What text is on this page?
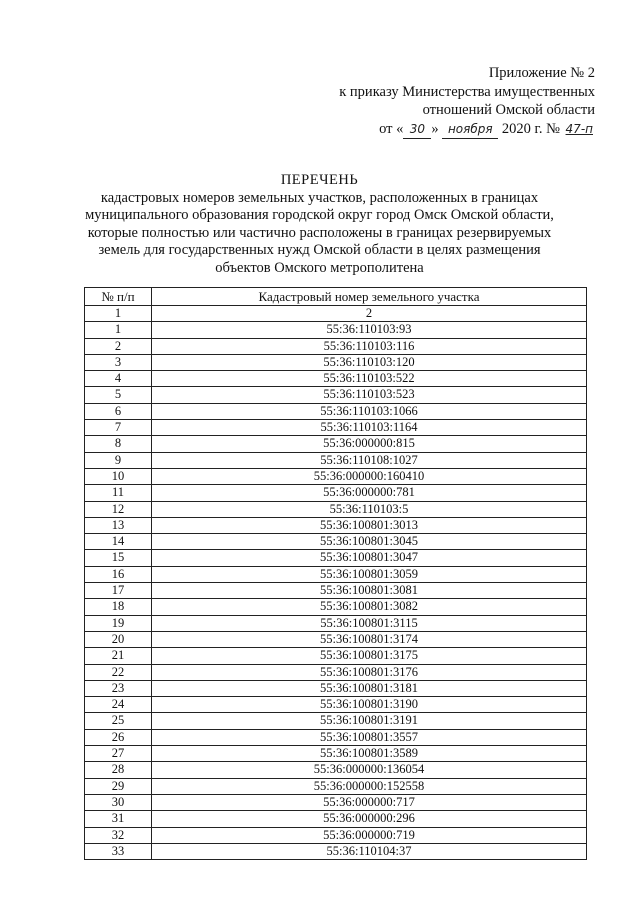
Приложение № 2
к приказу Министерства имущественных
отношений Омской области
от « 30 » ноября 2020 г. № 47-п
ПЕРЕЧЕНЬ
кадастровых номеров земельных участков, расположенных в границах
муниципального образования городской округ город Омск Омской области,
которые полностью или частично расположены в границах резервируемых
земель для государственных нужд Омской области в целях размещения
объектов Омского метрополитена
№ п/п	Кадастровый номер земельного участка
1	2
1	55:36:110103:93
2	55:36:110103:116
3	55:36:110103:120
4	55:36:110103:522
5	55:36:110103:523
6	55:36:110103:1066
7	55:36:110103:1164
8	55:36:000000:815
9	55:36:110108:1027
10	55:36:000000:160410
11	55:36:000000:781
12	55:36:110103:5
13	55:36:100801:3013
14	55:36:100801:3045
15	55:36:100801:3047
16	55:36:100801:3059
17	55:36:100801:3081
18	55:36:100801:3082
19	55:36:100801:3115
20	55:36:100801:3174
21	55:36:100801:3175
22	55:36:100801:3176
23	55:36:100801:3181
24	55:36:100801:3190
25	55:36:100801:3191
26	55:36:100801:3557
27	55:36:100801:3589
28	55:36:000000:136054
29	55:36:000000:152558
30	55:36:000000:717
31	55:36:000000:296
32	55:36:000000:719
33	55:36:110104:37
